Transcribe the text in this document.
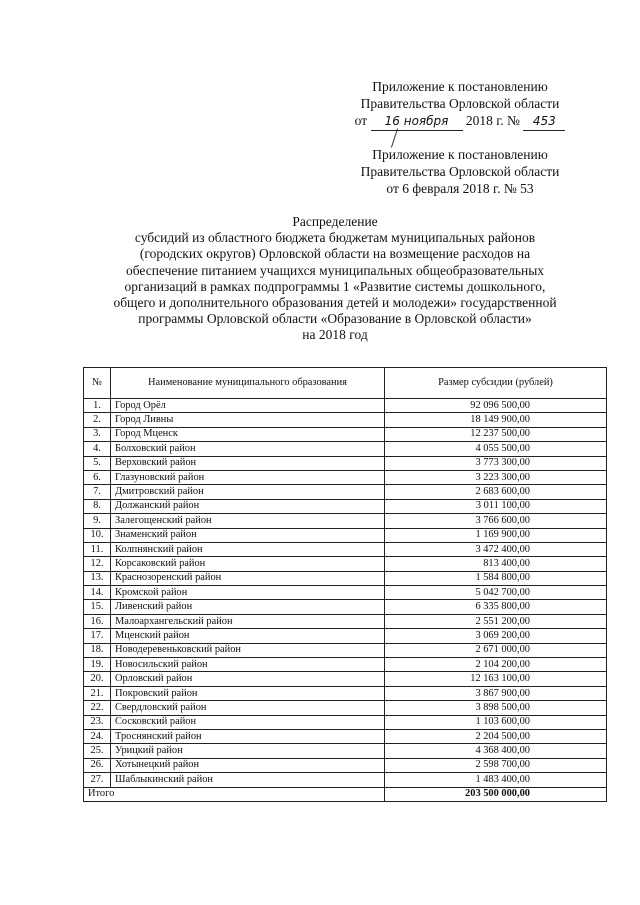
Приложение к постановлению
Правительства Орловской области
от 16 ноября 2018 г. № 453
Приложение к постановлению
Правительства Орловской области
от 6 февраля 2018 г. № 53
Распределение
субсидий из областного бюджета бюджетам муниципальных районов
(городских округов) Орловской области на возмещение расходов на
обеспечение питанием учащихся муниципальных общеобразовательных
организаций в рамках подпрограммы 1 «Развитие системы дошкольного,
общего и дополнительного образования детей и молодежи» государственной
программы Орловской области «Образование в Орловской области»
на 2018 год
№	Наименование муниципального образования	Размер субсидии (рублей)
1.	Город Орёл	92 096 500,00
2.	Город Ливны	18 149 900,00
3.	Город Мценск	12 237 500,00
4.	Болховский район	4 055 500,00
5.	Верховский район	3 773 300,00
6.	Глазуновский район	3 223 300,00
7.	Дмитровский район	2 683 600,00
8.	Должанский район	3 011 100,00
9.	Залегощенский район	3 766 600,00
10.	Знаменский район	1 169 900,00
11.	Колпнянский район	3 472 400,00
12.	Корсаковский район	813 400,00
13.	Краснозоренский район	1 584 800,00
14.	Кромской район	5 042 700,00
15.	Ливенский район	6 335 800,00
16.	Малоархангельский район	2 551 200,00
17.	Мценский район	3 069 200,00
18.	Новодеревеньковский район	2 671 000,00
19.	Новосильский район	2 104 200,00
20.	Орловский район	12 163 100,00
21.	Покровский район	3 867 900,00
22.	Свердловский район	3 898 500,00
23.	Сосковский район	1 103 600,00
24.	Троснянский район	2 204 500,00
25.	Урицкий район	4 368 400,00
26.	Хотынецкий район	2 598 700,00
27.	Шаблыкинский район	1 483 400,00
Итого		203 500 000,00
